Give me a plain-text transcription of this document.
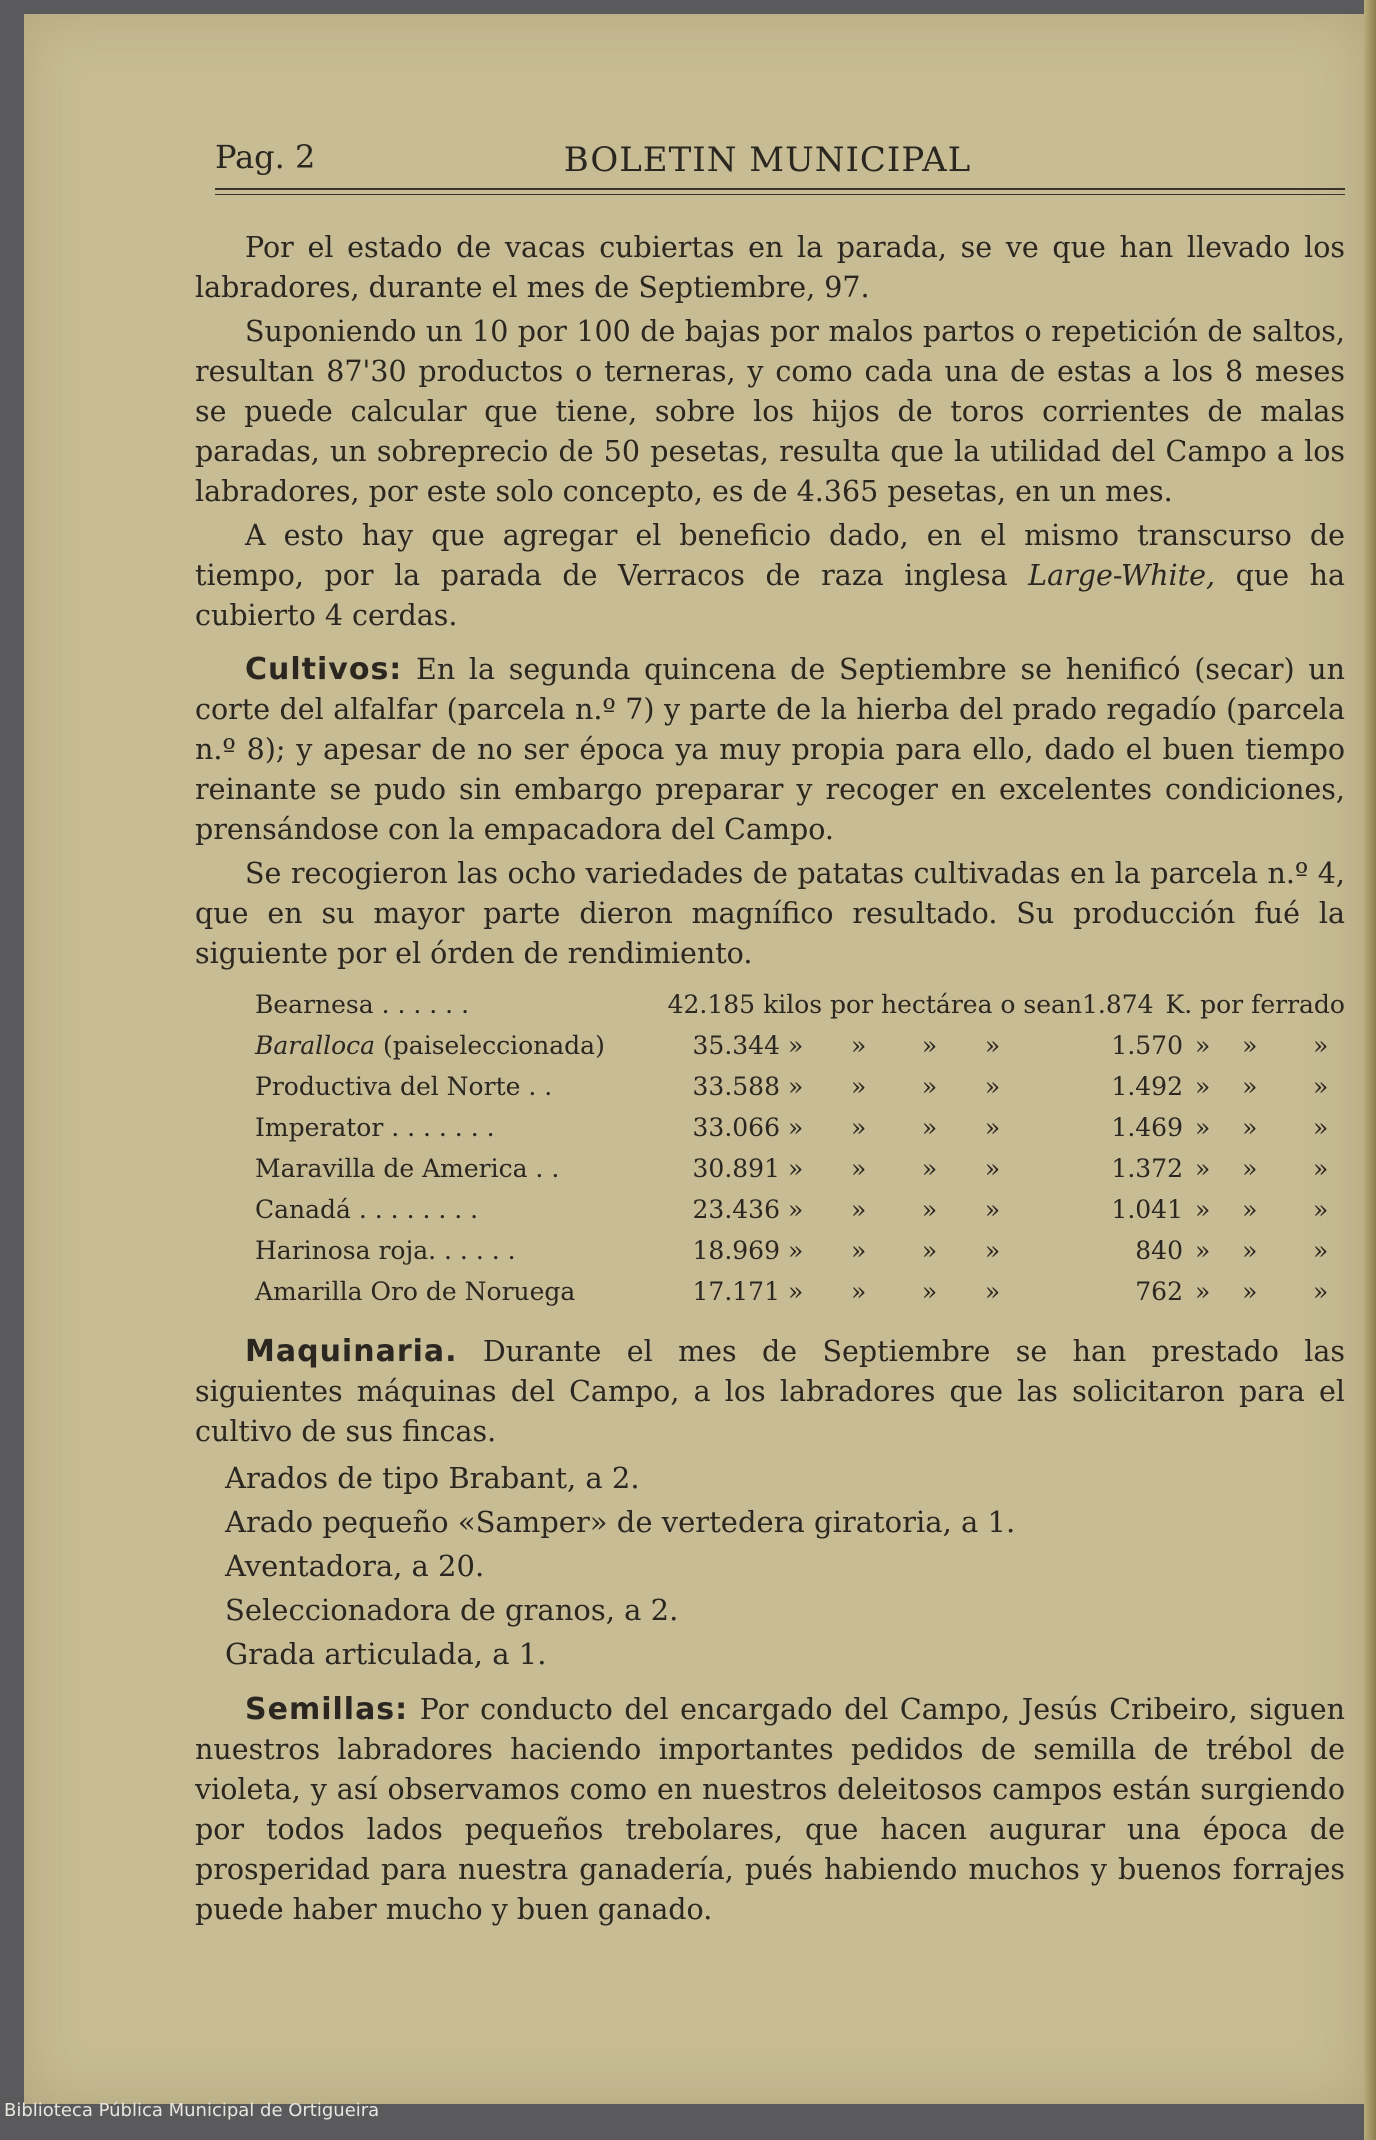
Pag. 2	BOLETIN MUNICIPAL

Por el estado de vacas cubiertas en la parada, se ve que han llevado los labradores, durante el mes de Septiembre, 97.

Suponiendo un 10 por 100 de bajas por malos partos o repetición de saltos, resultan 87'30 productos o terneras, y como cada una de estas a los 8 meses se puede calcular que tiene, sobre los hijos de toros corrientes de malas paradas, un sobreprecio de 50 pesetas, resulta que la utilidad del Campo a los labradores, por este solo concepto, es de 4.365 pesetas, en un mes.

A esto hay que agregar el beneficio dado, en el mismo transcurso de tiempo, por la parada de Verracos de raza inglesa Large-White, que ha cubierto 4 cerdas.

Cultivos: En la segunda quincena de Septiembre se henificó (secar) un corte del alfalfar (parcela n.º 7) y parte de la hierba del prado regadío (parcela n.º 8); y apesar de no ser época ya muy propia para ello, dado el buen tiempo reinante se pudo sin embargo preparar y recoger en excelentes condiciones, prensándose con la empacadora del Campo.

Se recogieron las ocho variedades de patatas cultivadas en la parcela n.º 4, que en su mayor parte dieron magnífico resultado. Su producción fué la siguiente por el órden de rendimiento.

Bearnesa . . . . . .	42.185 kilos por hectárea o sean 1.874 K. por ferrado
Baralloca (paiseleccionada)	35.344 »      »       »      »	1.570 »    »       »
Productiva del Norte . .	33.588 »      »       »      »	1.492 »    »       »
Imperator . . . . . . .	33.066 »      »       »      »	1.469 »    »       »
Maravilla de America . .	30.891 »      »       »      »	1.372 »    »       »
Canadá . . . . . . . .	23.436 »      »       »      »	1.041 »    »       »
Harinosa roja. . . . . .	18.969 »      »       »      »	840 »    »       »
Amarilla Oro de Noruega	17.171 »      »       »      »	762 »    »       »

Maquinaria. Durante el mes de Septiembre se han prestado las siguientes máquinas del Campo, a los labradores que las solicitaron para el cultivo de sus fincas.

Arados de tipo Brabant, a 2.
Arado pequeño «Samper» de vertedera giratoria, a 1.
Aventadora, a 20.
Seleccionadora de granos, a 2.
Grada articulada, a 1.

Semillas: Por conducto del encargado del Campo, Jesús Cribeiro, siguen nuestros labradores haciendo importantes pedidos de semilla de trébol de violeta, y así observamos como en nuestros deleitosos campos están surgiendo por todos lados pequeños trebolares, que hacen augurar una época de prosperidad para nuestra ganadería, pués habiendo muchos y buenos forrajes puede haber mucho y buen ganado.

Biblioteca Pública Municipal de Ortigueira
